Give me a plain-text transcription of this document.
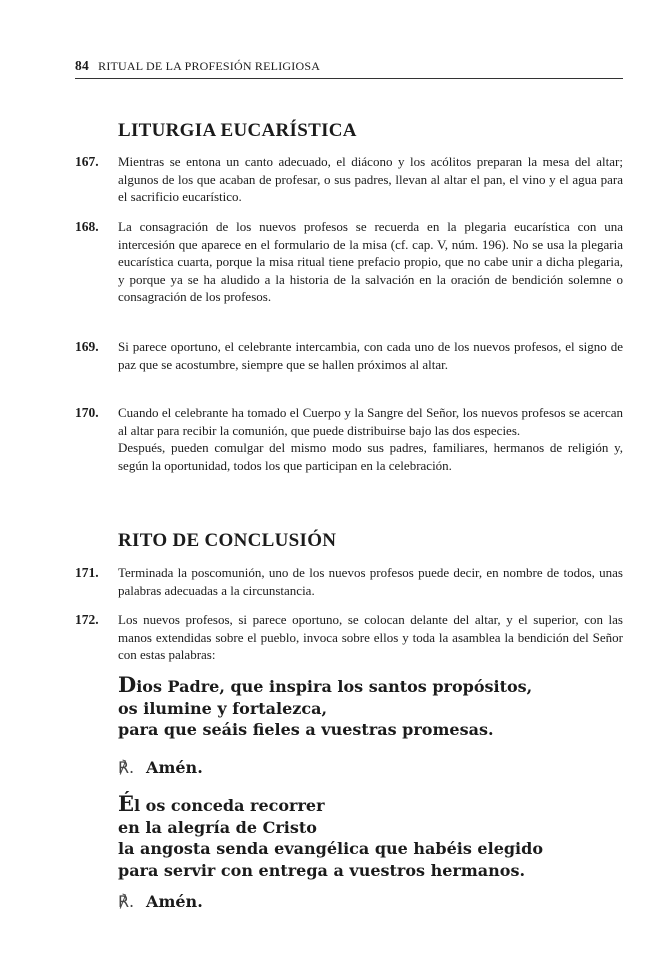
84 RITUAL DE LA PROFESIÓN RELIGIOSA
LITURGIA EUCARÍSTICA
167. Mientras se entona un canto adecuado, el diácono y los acólitos preparan la mesa del altar; algunos de los que acaban de profesar, o sus padres, llevan al altar el pan, el vino y el agua para el sacrificio eucarístico.
168. La consagración de los nuevos profesos se recuerda en la plegaria eucarística con una intercesión que aparece en el formulario de la misa (cf. cap. V, núm. 196). No se usa la plegaria eucarística cuarta, porque la misa ritual tiene prefacio propio, que no cabe unir a dicha plegaria, y porque ya se ha aludido a la historia de la salvación en la oración de bendición solemne o consagración de los profesos.
169. Si parece oportuno, el celebrante intercambia, con cada uno de los nuevos profesos, el signo de paz que se acostumbre, siempre que se hallen próximos al altar.
170. Cuando el celebrante ha tomado el Cuerpo y la Sangre del Señor, los nuevos profesos se acercan al altar para recibir la comunión, que puede distribuirse bajo las dos especies.
Después, pueden comulgar del mismo modo sus padres, familiares, hermanos de religión y, según la oportunidad, todos los que participan en la celebración.
RITO DE CONCLUSIÓN
171. Terminada la poscomunión, uno de los nuevos profesos puede decir, en nombre de todos, unas palabras adecuadas a la circunstancia.
172. Los nuevos profesos, si parece oportuno, se colocan delante del altar, y el superior, con las manos extendidas sobre el pueblo, invoca sobre ellos y toda la asamblea la bendición del Señor con estas palabras:
Dios Padre, que inspira los santos propósitos,
os ilumine y fortalezca,
para que seáis fieles a vuestras promesas.
℟. Amén.
Él os conceda recorrer
en la alegría de Cristo
la angosta senda evangélica que habéis elegido
para servir con entrega a vuestros hermanos.
℟. Amén.
